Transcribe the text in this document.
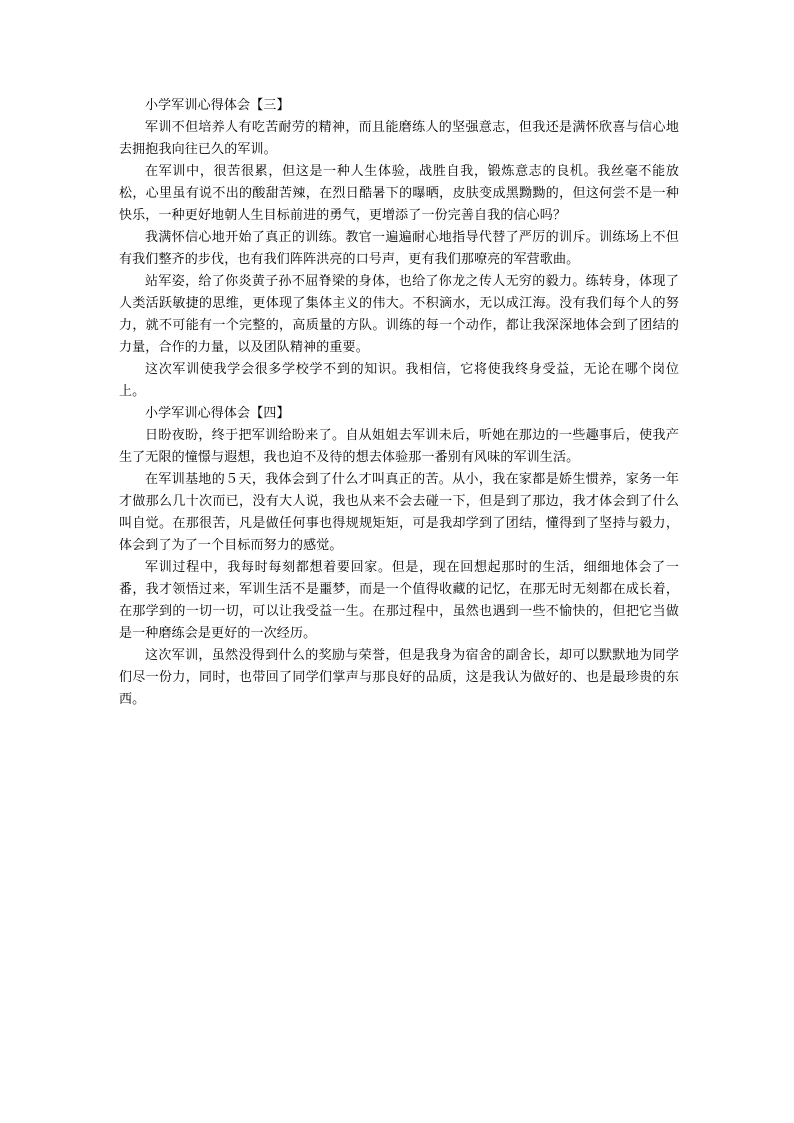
小学军训心得体会【三】

军训不但培养人有吃苦耐劳的精神，而且能磨练人的坚强意志，但我还是满怀欣喜与信心地去拥抱我向往已久的军训。

在军训中，很苦很累，但这是一种人生体验，战胜自我，锻炼意志的良机。我丝毫不能放松，心里虽有说不出的酸甜苦辣，在烈日酷暑下的曝晒，皮肤变成黑黝黝的，但这何尝不是一种快乐，一种更好地朝人生目标前进的勇气，更增添了一份完善自我的信心吗？

我满怀信心地开始了真正的训练。教官一遍遍耐心地指导代替了严厉的训斥。训练场上不但有我们整齐的步伐，也有我们阵阵洪亮的口号声，更有我们那嘹亮的军营歌曲。

站军姿，给了你炎黄子孙不屈脊梁的身体，也给了你龙之传人无穷的毅力。练转身，体现了人类活跃敏捷的思维，更体现了集体主义的伟大。不积滴水，无以成江海。没有我们每个人的努力，就不可能有一个完整的，高质量的方队。训练的每一个动作，都让我深深地体会到了团结的力量，合作的力量，以及团队精神的重要。

这次军训使我学会很多学校学不到的知识。我相信，它将使我终身受益，无论在哪个岗位上。

小学军训心得体会【四】

日盼夜盼，终于把军训给盼来了。自从姐姐去军训未后，听她在那边的一些趣事后，使我产生了无限的憧憬与遐想，我也迫不及待的想去体验那一番别有风味的军训生活。

在军训基地的５天，我体会到了什么才叫真正的苦。从小，我在家都是娇生惯养，家务一年才做那么几十次而已，没有大人说，我也从来不会去碰一下，但是到了那边，我才体会到了什么叫自觉。在那很苦，凡是做任何事也得规规矩矩，可是我却学到了团结，懂得到了坚持与毅力，体会到了为了一个目标而努力的感觉。

军训过程中，我每时每刻都想着要回家。但是，现在回想起那时的生活，细细地体会了一番，我才领悟过来，军训生活不是噩梦，而是一个值得收藏的记忆，在那无时无刻都在成长着，在那学到的一切一切，可以让我受益一生。在那过程中，虽然也遇到一些不愉快的，但把它当做是一种磨练会是更好的一次经历。

这次军训，虽然没得到什么的奖励与荣誉，但是我身为宿舍的副舍长，却可以默默地为同学们尽一份力，同时，也带回了同学们掌声与那良好的品质，这是我认为做好的、也是最珍贵的东西。
